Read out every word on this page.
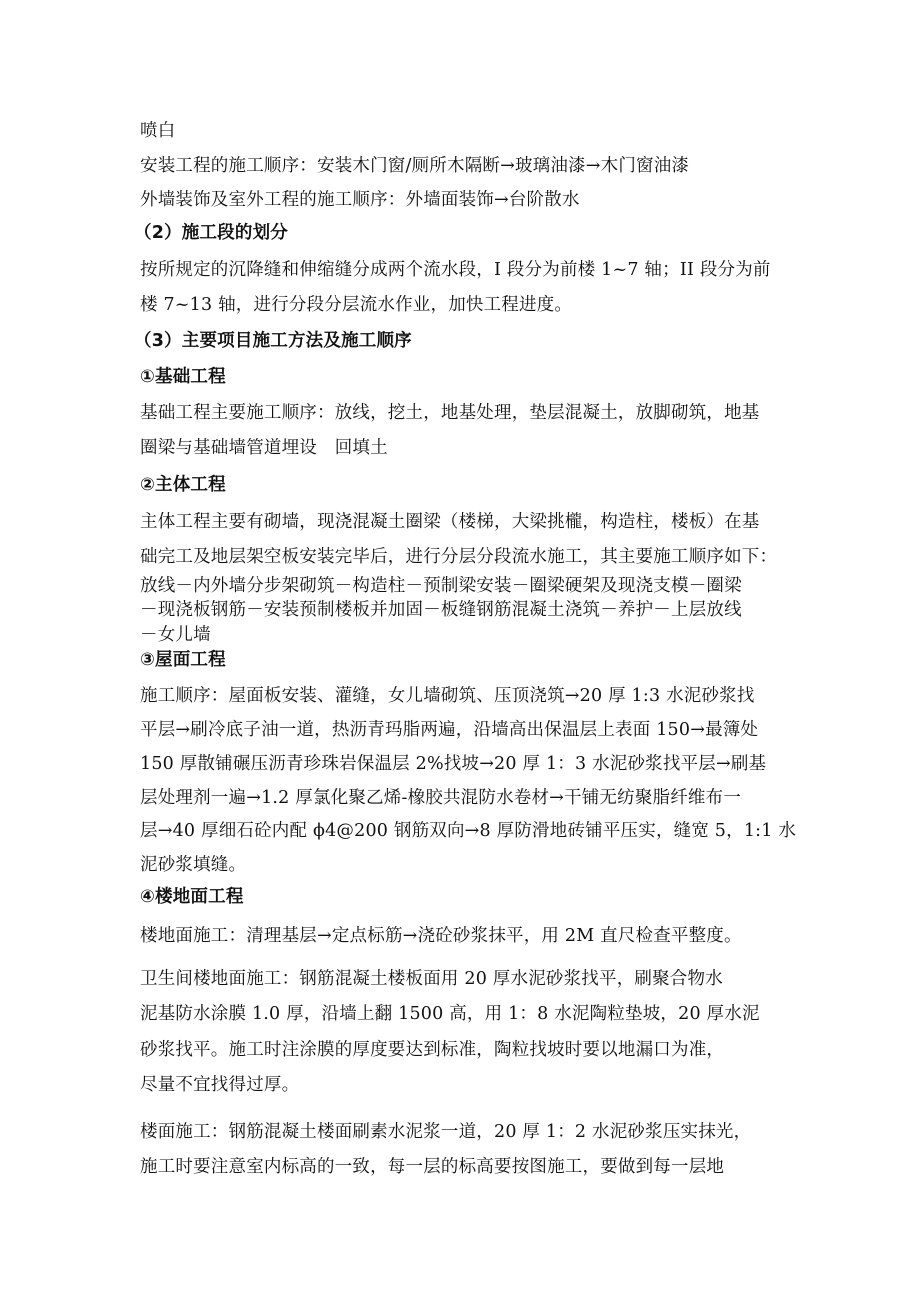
喷白

安装工程的施工顺序：安装木门窗/厕所木隔断→玻璃油漆→木门窗油漆

外墙装饰及室外工程的施工顺序：外墙面装饰→台阶散水

（2）施工段的划分

按所规定的沉降缝和伸缩缝分成两个流水段，I 段分为前楼 1~7 轴；II 段分为前

楼 7~13 轴，进行分段分层流水作业，加快工程进度。

（3）主要项目施工方法及施工顺序

①基础工程

基础工程主要施工顺序：放线，挖土，地基处理，垫层混凝土，放脚砌筑，地基

圈梁与基础墙管道埋设　回填土

②主体工程

主体工程主要有砌墙，现浇混凝土圈梁（楼梯，大梁挑櫳，构造柱，楼板）在基

础完工及地层架空板安装完毕后，进行分层分段流水施工，其主要施工顺序如下：

放线－内外墙分步架砌筑－构造柱－预制梁安装－圈梁硬架及现浇支模－圈梁

－现浇板钢筋－安装预制楼板并加固－板缝钢筋混凝土浇筑－养护－上层放线

－女儿墙

③屋面工程

施工顺序：屋面板安装、灌缝，女儿墙砌筑、压顶浇筑→20 厚 1:3 水泥砂浆找

平层→刷冷底子油一道，热沥青玛脂两遍，沿墙高出保温层上表面 150→最簿处

150 厚散铺碾压沥青珍珠岩保温层 2%找坡→20 厚 1：3 水泥砂浆找平层→刷基

层处理剂一遍→1.2 厚氯化聚乙烯-橡胶共混防水卷材→干铺无纺聚脂纤维布一

层→40 厚细石砼内配 ϕ4@200 钢筋双向→8 厚防滑地砖铺平压实，缝宽 5，1:1 水

泥砂浆填缝。

④楼地面工程

楼地面施工：清理基层→定点标筋→浇砼砂浆抹平，用 2M 直尺检查平整度。

卫生间楼地面施工：钢筋混凝土楼板面用 20 厚水泥砂浆找平，刷聚合物水

泥基防水涂膜 1.0 厚，沿墙上翻 1500 高，用 1：8 水泥陶粒垫坡，20 厚水泥

砂浆找平。施工时注涂膜的厚度要达到标准，陶粒找坡时要以地漏口为准，

尽量不宜找得过厚。

楼面施工：钢筋混凝土楼面刷素水泥浆一道，20 厚 1：2 水泥砂浆压实抹光，

施工时要注意室内标高的一致，每一层的标高要按图施工，要做到每一层地
